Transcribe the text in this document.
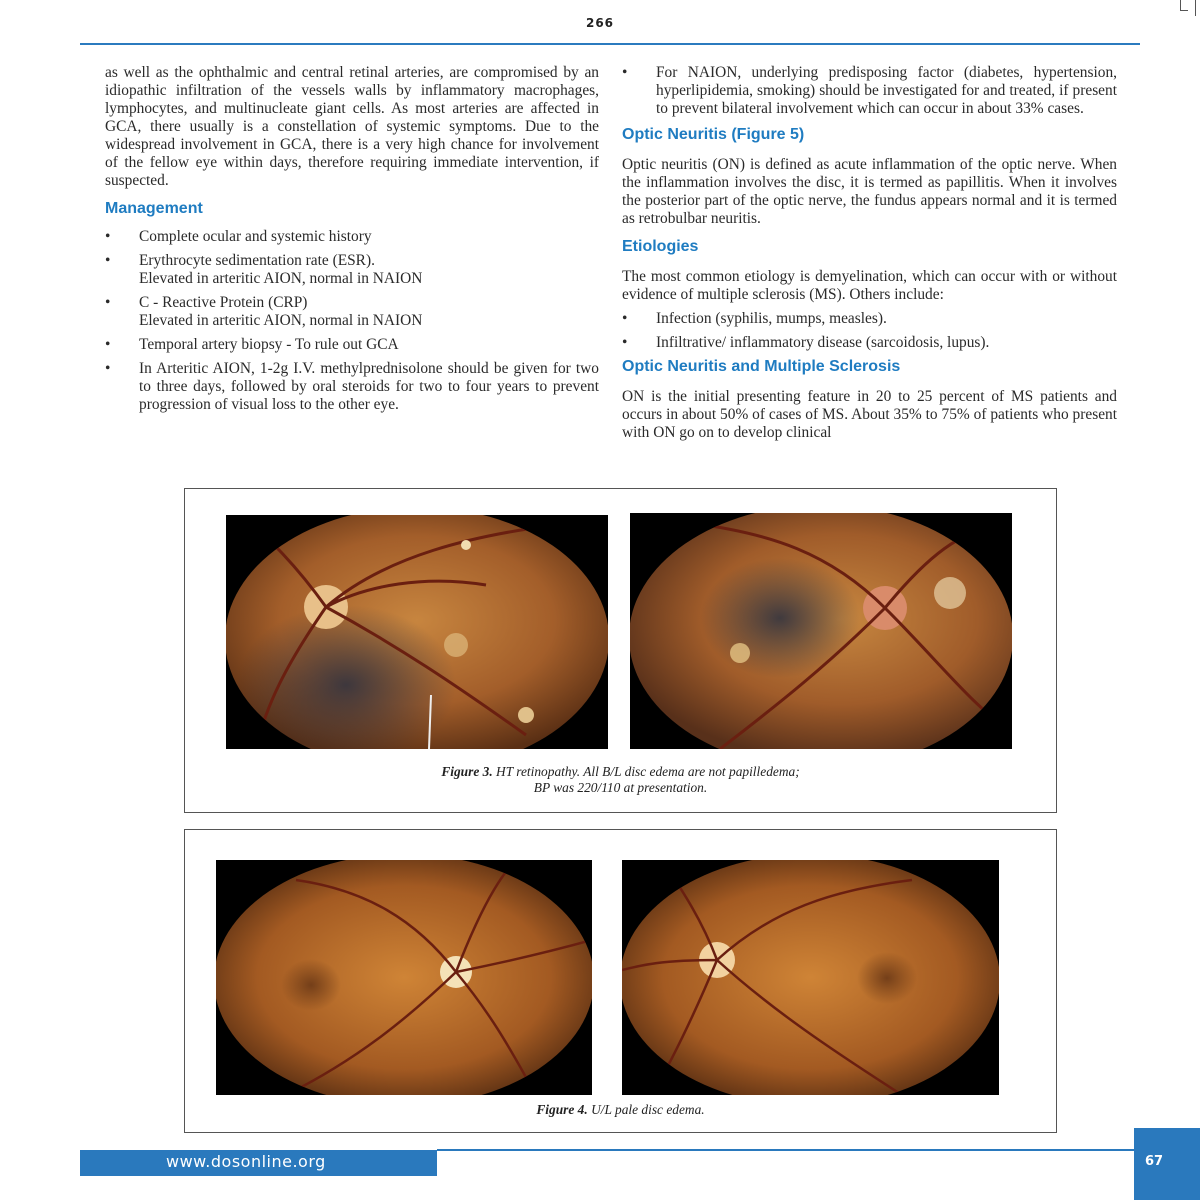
266

as well as the ophthalmic and central retinal arteries, are compromised by an idiopathic infiltration of the vessels walls by inflammatory macrophages, lymphocytes, and multinucleate giant cells. As most arteries are affected in GCA, there usually is a constellation of systemic symptoms. Due to the widespread involvement in GCA, there is a very high chance for involvement of the fellow eye within days, therefore requiring immediate intervention, if suspected.

Management
• Complete ocular and systemic history
• Erythrocyte sedimentation rate (ESR).
Elevated in arteritic AION, normal in NAION
• C - Reactive Protein (CRP)
Elevated in arteritic AION, normal in NAION
• Temporal artery biopsy - To rule out GCA
• In Arteritic AION, 1-2g I.V. methylprednisolone should be given for two to three days, followed by oral steroids for two to four years to prevent progression of visual loss to the other eye.
• For NAION, underlying predisposing factor (diabetes, hypertension, hyperlipidemia, smoking) should be investigated for and treated, if present to prevent bilateral involvement which can occur in about 33% cases.
Optic Neuritis (Figure 5)

Optic neuritis (ON) is defined as acute inflammation of the optic nerve. When the inflammation involves the disc, it is termed as papillitis. When it involves the posterior part of the optic nerve, the fundus appears normal and it is termed as retrobulbar neuritis.

Etiologies

The most common etiology is demyelination, which can occur with or without evidence of multiple sclerosis (MS). Others include:

• Infection (syphilis, mumps, measles).
• Infiltrative/ inflammatory disease (sarcoidosis, lupus).
Optic Neuritis and Multiple Sclerosis

ON is the initial presenting feature in 20 to 25 percent of MS patients and occurs in about 50% of cases of MS. About 35% to 75% of patients who present with ON go on to develop clinical

Figure 3. HT retinopathy. All B/L disc edema are not papilledema;
BP was 220/110 at presentation.
Figure 4. U/L pale disc edema.
www.dosonline.org	67
